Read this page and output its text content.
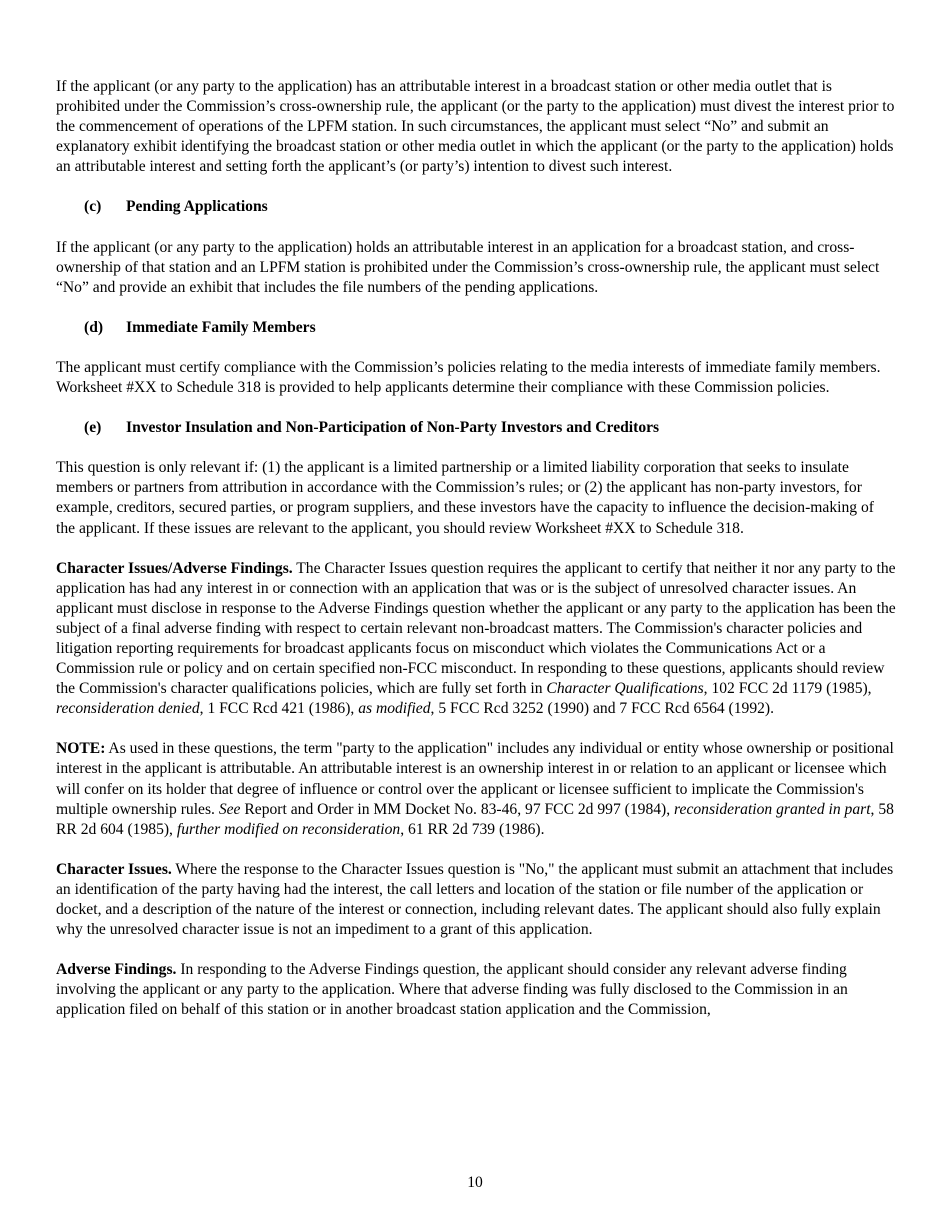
If the applicant (or any party to the application) has an attributable interest in a broadcast station or other media outlet that is prohibited under the Commission’s cross-ownership rule, the applicant (or the party to the application) must divest the interest prior to the commencement of operations of the LPFM station. In such circumstances, the applicant must select “No” and submit an explanatory exhibit identifying the broadcast station or other media outlet in which the applicant (or the party to the application) holds an attributable interest and setting forth the applicant’s (or party’s) intention to divest such interest.

(c) Pending Applications

If the applicant (or any party to the application) holds an attributable interest in an application for a broadcast station, and cross-ownership of that station and an LPFM station is prohibited under the Commission’s cross-ownership rule, the applicant must select “No” and provide an exhibit that includes the file numbers of the pending applications.

(d) Immediate Family Members

The applicant must certify compliance with the Commission’s policies relating to the media interests of immediate family members. Worksheet #XX to Schedule 318 is provided to help applicants determine their compliance with these Commission policies.

(e) Investor Insulation and Non-Participation of Non-Party Investors and Creditors

This question is only relevant if: (1) the applicant is a limited partnership or a limited liability corporation that seeks to insulate members or partners from attribution in accordance with the Commission’s rules; or (2) the applicant has non-party investors, for example, creditors, secured parties, or program suppliers, and these investors have the capacity to influence the decision-making of the applicant. If these issues are relevant to the applicant, you should review Worksheet #XX to Schedule 318.

Character Issues/Adverse Findings. The Character Issues question requires the applicant to certify that neither it nor any party to the application has had any interest in or connection with an application that was or is the subject of unresolved character issues. An applicant must disclose in response to the Adverse Findings question whether the applicant or any party to the application has been the subject of a final adverse finding with respect to certain relevant non-broadcast matters. The Commission's character policies and litigation reporting requirements for broadcast applicants focus on misconduct which violates the Communications Act or a Commission rule or policy and on certain specified non-FCC misconduct. In responding to these questions, applicants should review the Commission's character qualifications policies, which are fully set forth in Character Qualifications, 102 FCC 2d 1179 (1985), reconsideration denied, 1 FCC Rcd 421 (1986), as modified, 5 FCC Rcd 3252 (1990) and 7 FCC Rcd 6564 (1992).

NOTE: As used in these questions, the term "party to the application" includes any individual or entity whose ownership or positional interest in the applicant is attributable. An attributable interest is an ownership interest in or relation to an applicant or licensee which will confer on its holder that degree of influence or control over the applicant or licensee sufficient to implicate the Commission's multiple ownership rules. See Report and Order in MM Docket No. 83-46, 97 FCC 2d 997 (1984), reconsideration granted in part, 58 RR 2d 604 (1985), further modified on reconsideration, 61 RR 2d 739 (1986).

Character Issues. Where the response to the Character Issues question is "No," the applicant must submit an attachment that includes an identification of the party having had the interest, the call letters and location of the station or file number of the application or docket, and a description of the nature of the interest or connection, including relevant dates. The applicant should also fully explain why the unresolved character issue is not an impediment to a grant of this application.

Adverse Findings. In responding to the Adverse Findings question, the applicant should consider any relevant adverse finding involving the applicant or any party to the application. Where that adverse finding was fully disclosed to the Commission in an application filed on behalf of this station or in another broadcast station application and the Commission,

10
